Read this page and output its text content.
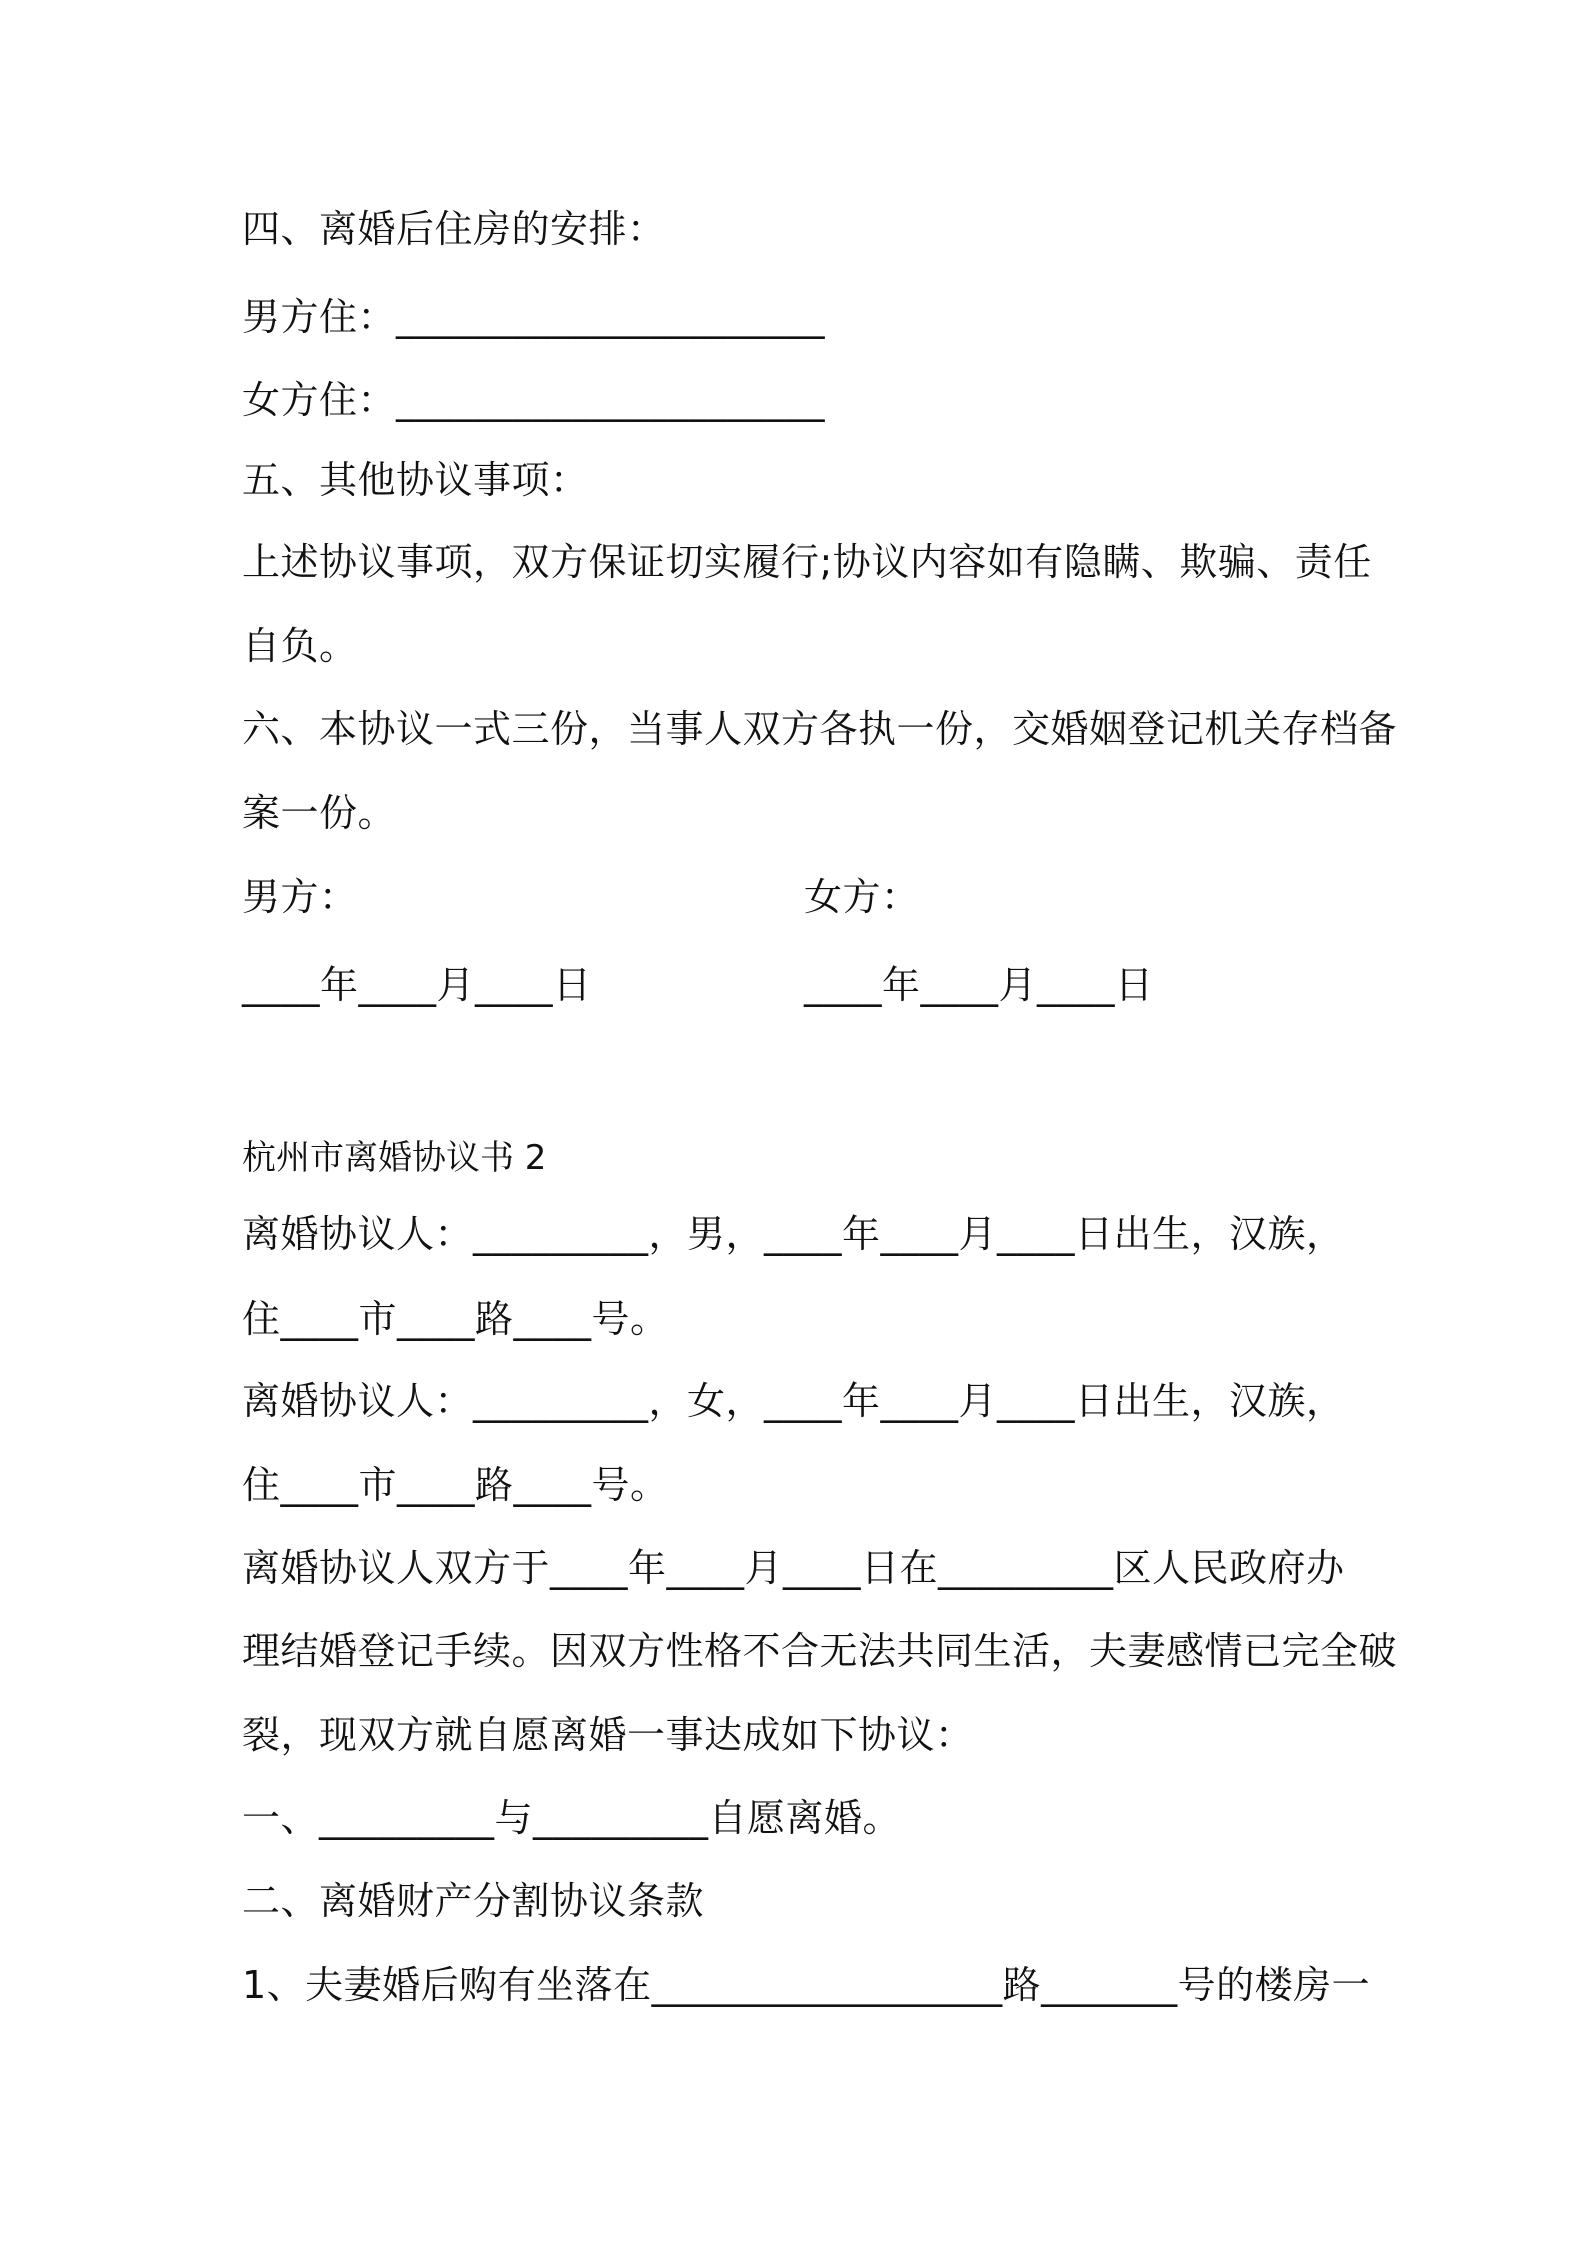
四、离婚后住房的安排：
男方住：______________________
女方住：______________________
五、其他协议事项：
上述协议事项，双方保证切实履行;协议内容如有隐瞒、欺骗、责任
自负。
六、本协议一式三份，当事人双方各执一份，交婚姻登记机关存档备
案一份。
男方：	女方：
____年____月____日	____年____月____日
杭州市离婚协议书 2
离婚协议人：_________，男，____年____月____日出生，汉族，
住____市____路____号。
离婚协议人：_________，女，____年____月____日出生，汉族，
住____市____路____号。
离婚协议人双方于____年____月____日在_________区人民政府办
理结婚登记手续。因双方性格不合无法共同生活，夫妻感情已完全破
裂，现双方就自愿离婚一事达成如下协议：
一、_________与_________自愿离婚。
二、离婚财产分割协议条款
1、夫妻婚后购有坐落在__________________路_______号的楼房一
